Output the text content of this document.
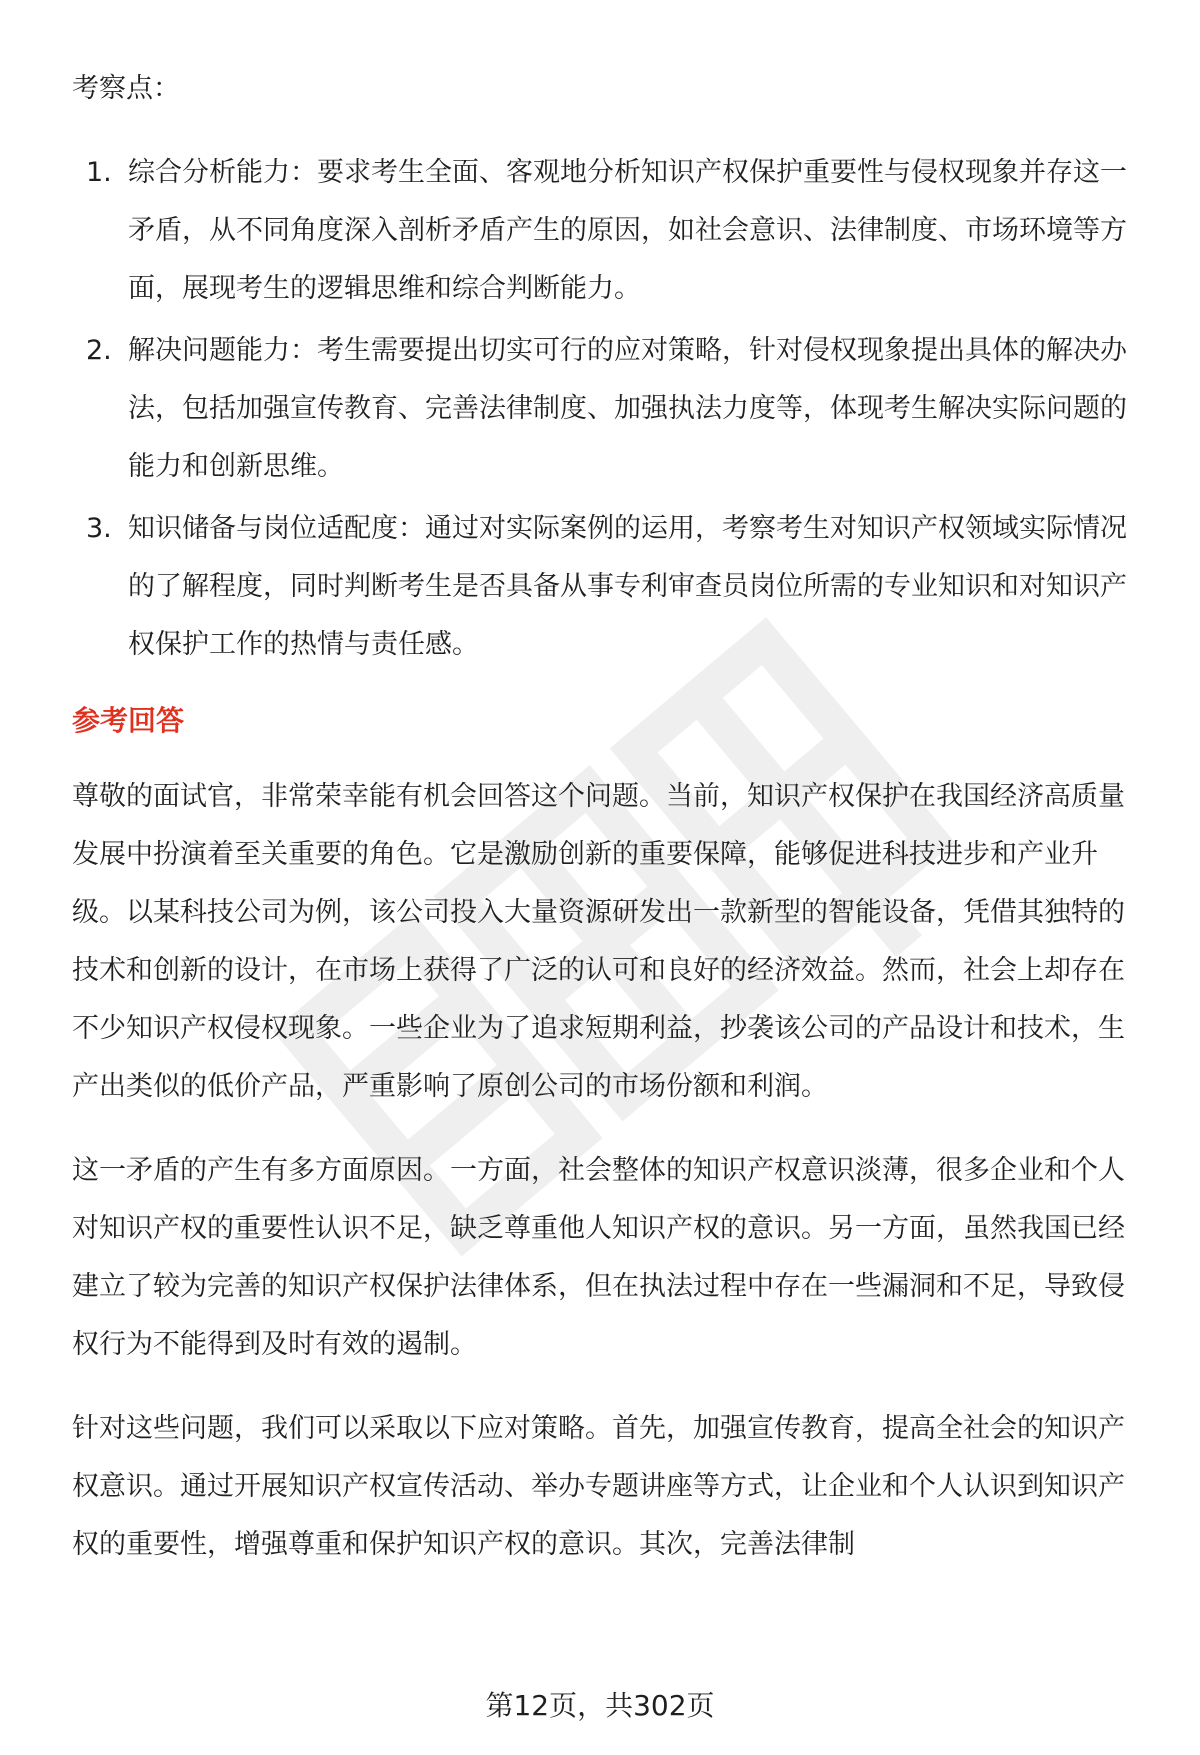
考察点：
1. 综合分析能力：要求考生全面、客观地分析知识产权保护重要性与侵权现象并存这一矛盾，从不同角度深入剖析矛盾产生的原因，如社会意识、法律制度、市场环境等方面，展现考生的逻辑思维和综合判断能力。
2. 解决问题能力：考生需要提出切实可行的应对策略，针对侵权现象提出具体的解决办法，包括加强宣传教育、完善法律制度、加强执法力度等，体现考生解决实际问题的能力和创新思维。
3. 知识储备与岗位适配度：通过对实际案例的运用，考察考生对知识产权领域实际情况的了解程度，同时判断考生是否具备从事专利审查员岗位所需的专业知识和对知识产权保护工作的热情与责任感。
参考回答

尊敬的面试官，非常荣幸能有机会回答这个问题。当前，知识产权保护在我国经济高质量发展中扮演着至关重要的角色。它是激励创新的重要保障，能够促进科技进步和产业升级。以某科技公司为例，该公司投入大量资源研发出一款新型的智能设备，凭借其独特的技术和创新的设计，在市场上获得了广泛的认可和良好的经济效益。然而，社会上却存在不少知识产权侵权现象。一些企业为了追求短期利益，抄袭该公司的产品设计和技术，生产出类似的低价产品，严重影响了原创公司的市场份额和利润。

这一矛盾的产生有多方面原因。一方面，社会整体的知识产权意识淡薄，很多企业和个人对知识产权的重要性认识不足，缺乏尊重他人知识产权的意识。另一方面，虽然我国已经建立了较为完善的知识产权保护法律体系，但在执法过程中存在一些漏洞和不足，导致侵权行为不能得到及时有效的遏制。

针对这些问题，我们可以采取以下应对策略。首先，加强宣传教育，提高全社会的知识产权意识。通过开展知识产权宣传活动、举办专题讲座等方式，让企业和个人认识到知识产权的重要性，增强尊重和保护知识产权的意识。其次，完善法律制

第12页，共302页
